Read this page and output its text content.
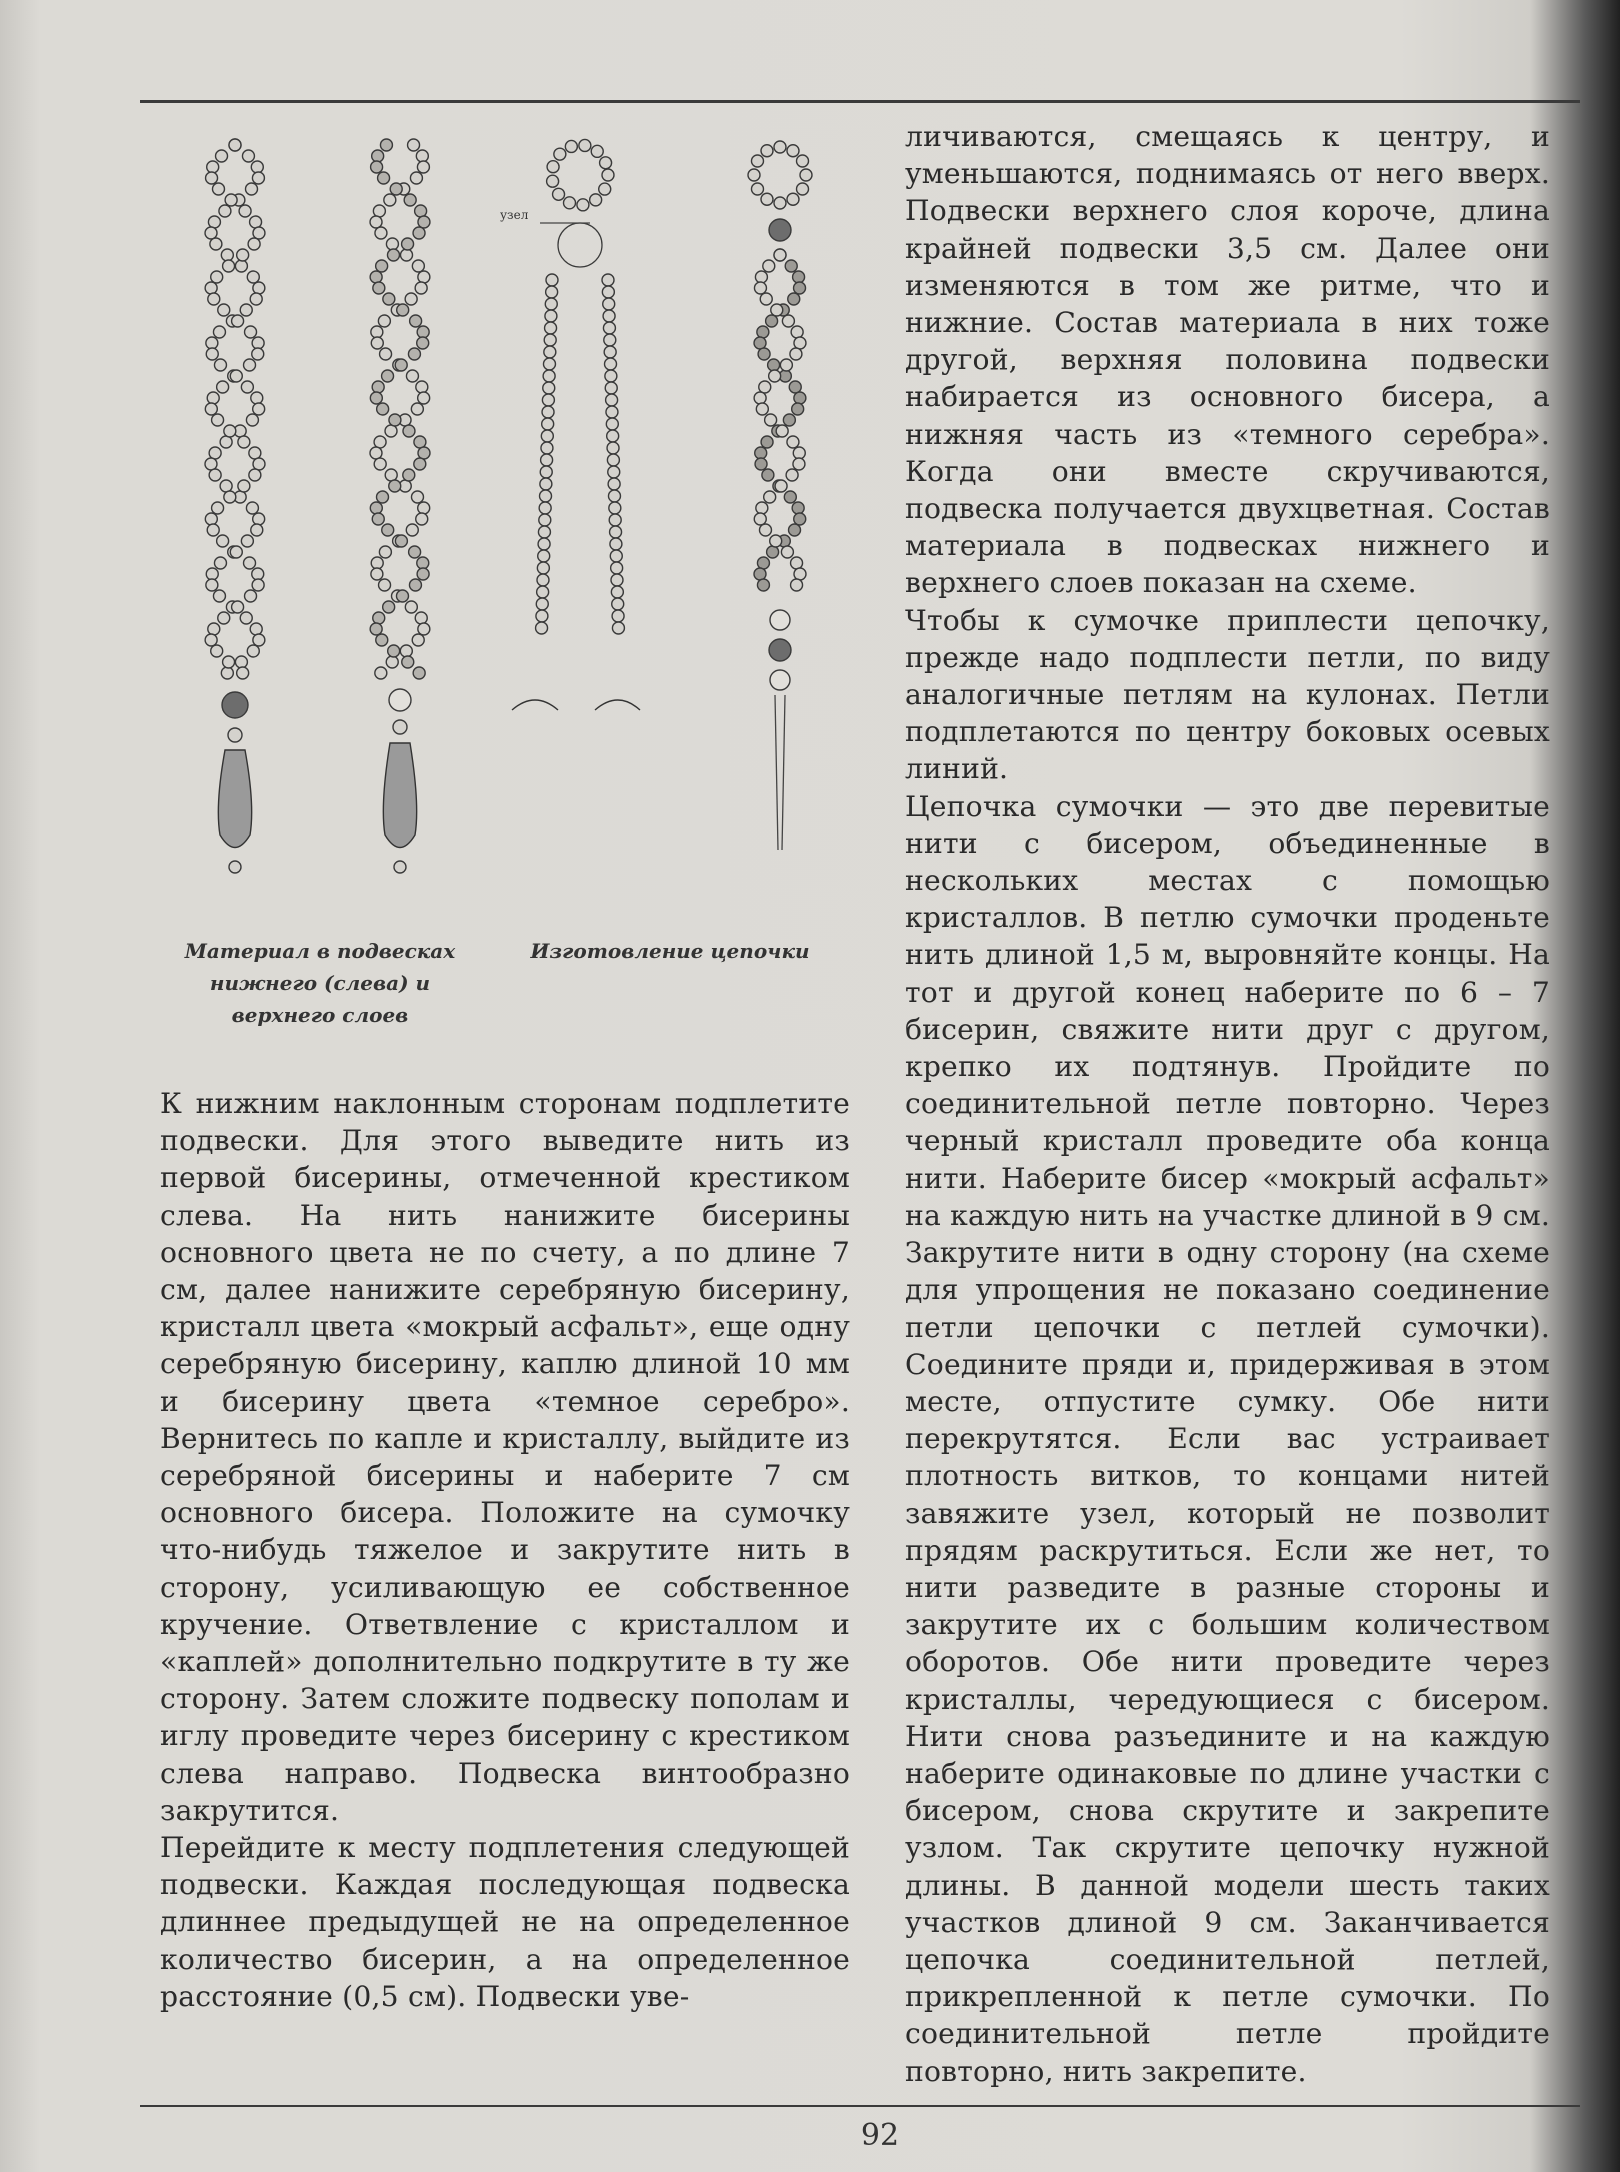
узел
Материал в подвесках нижнего (слева) и верхнего слоев
Изготовление цепочки

К нижним наклонным сторонам подплетите подвески. Для этого выведите нить из первой бисерины, отмеченной крестиком слева. На нить нанижите бисерины основного цвета не по счету, а по длине 7 см, далее нанижите серебряную бисерину, кристалл цвета «мокрый асфальт», еще одну серебряную бисерину, каплю длиной 10 мм и бисерину цвета «темное серебро». Вернитесь по капле и кристаллу, выйдите из серебряной бисерины и наберите 7 см основного бисера. Положите на сумочку что-нибудь тяжелое и закрутите нить в сторону, усиливающую ее собственное кручение. Ответвление с кристаллом и «каплей» дополнительно подкрутите в ту же сторону. Затем сложите подвеску пополам и иглу проведите через бисерину с крестиком слева направо. Подвеска винтообразно закрутится.

Перейдите к месту подплетения следующей подвески. Каждая последующая подвеска длиннее предыдущей не на определенное количество бисерин, а на определенное расстояние (0,5 см). Подвески уве-

личиваются, смещаясь к центру, и уменьшаются, поднимаясь от него вверх. Подвески верхнего слоя короче, длина крайней подвески 3,5 см. Далее они изменяются в том же ритме, что и нижние. Состав материала в них тоже другой, верхняя половина подвески набирается из основного бисера, а нижняя часть из «темного серебра». Когда они вместе скручиваются, подвеска получается двухцветная. Состав материала в подвесках нижнего и верхнего слоев показан на схеме.

Чтобы к сумочке приплести цепочку, прежде надо подплести петли, по виду аналогичные петлям на кулонах. Петли подплетаются по центру боковых осевых линий.

Цепочка сумочки — это две перевитые нити с бисером, объединенные в нескольких местах с помощью кристаллов. В петлю сумочки проденьте нить длиной 1,5 м, выровняйте концы. На тот и другой конец наберите по 6 – 7 бисерин, свяжите нити друг с другом, крепко их подтянув. Пройдите по соединительной петле повторно. Через черный кристалл проведите оба конца нити. Наберите бисер «мокрый асфальт» на каждую нить на участке длиной в 9 см. Закрутите нити в одну сторону (на схеме для упрощения не показано соединение петли цепочки с петлей сумочки). Соедините пряди и, придерживая в этом месте, отпустите сумку. Обе нити перекрутятся. Если вас устраивает плотность витков, то концами нитей завяжите узел, который не позволит прядям раскрутиться. Если же нет, то нити разведите в разные стороны и закрутите их с большим количеством оборотов. Обе нити проведите через кристаллы, чередующиеся с бисером. Нити снова разъедините и на каждую наберите одинаковые по длине участки с бисером, снова скрутите и закрепите узлом. Так скрутите цепочку нужной длины. В данной модели шесть таких участков длиной 9 см. Заканчивается цепочка соединительной петлей, прикрепленной к петле сумочки. По соединительной петле пройдите повторно, нить закрепите.

92
